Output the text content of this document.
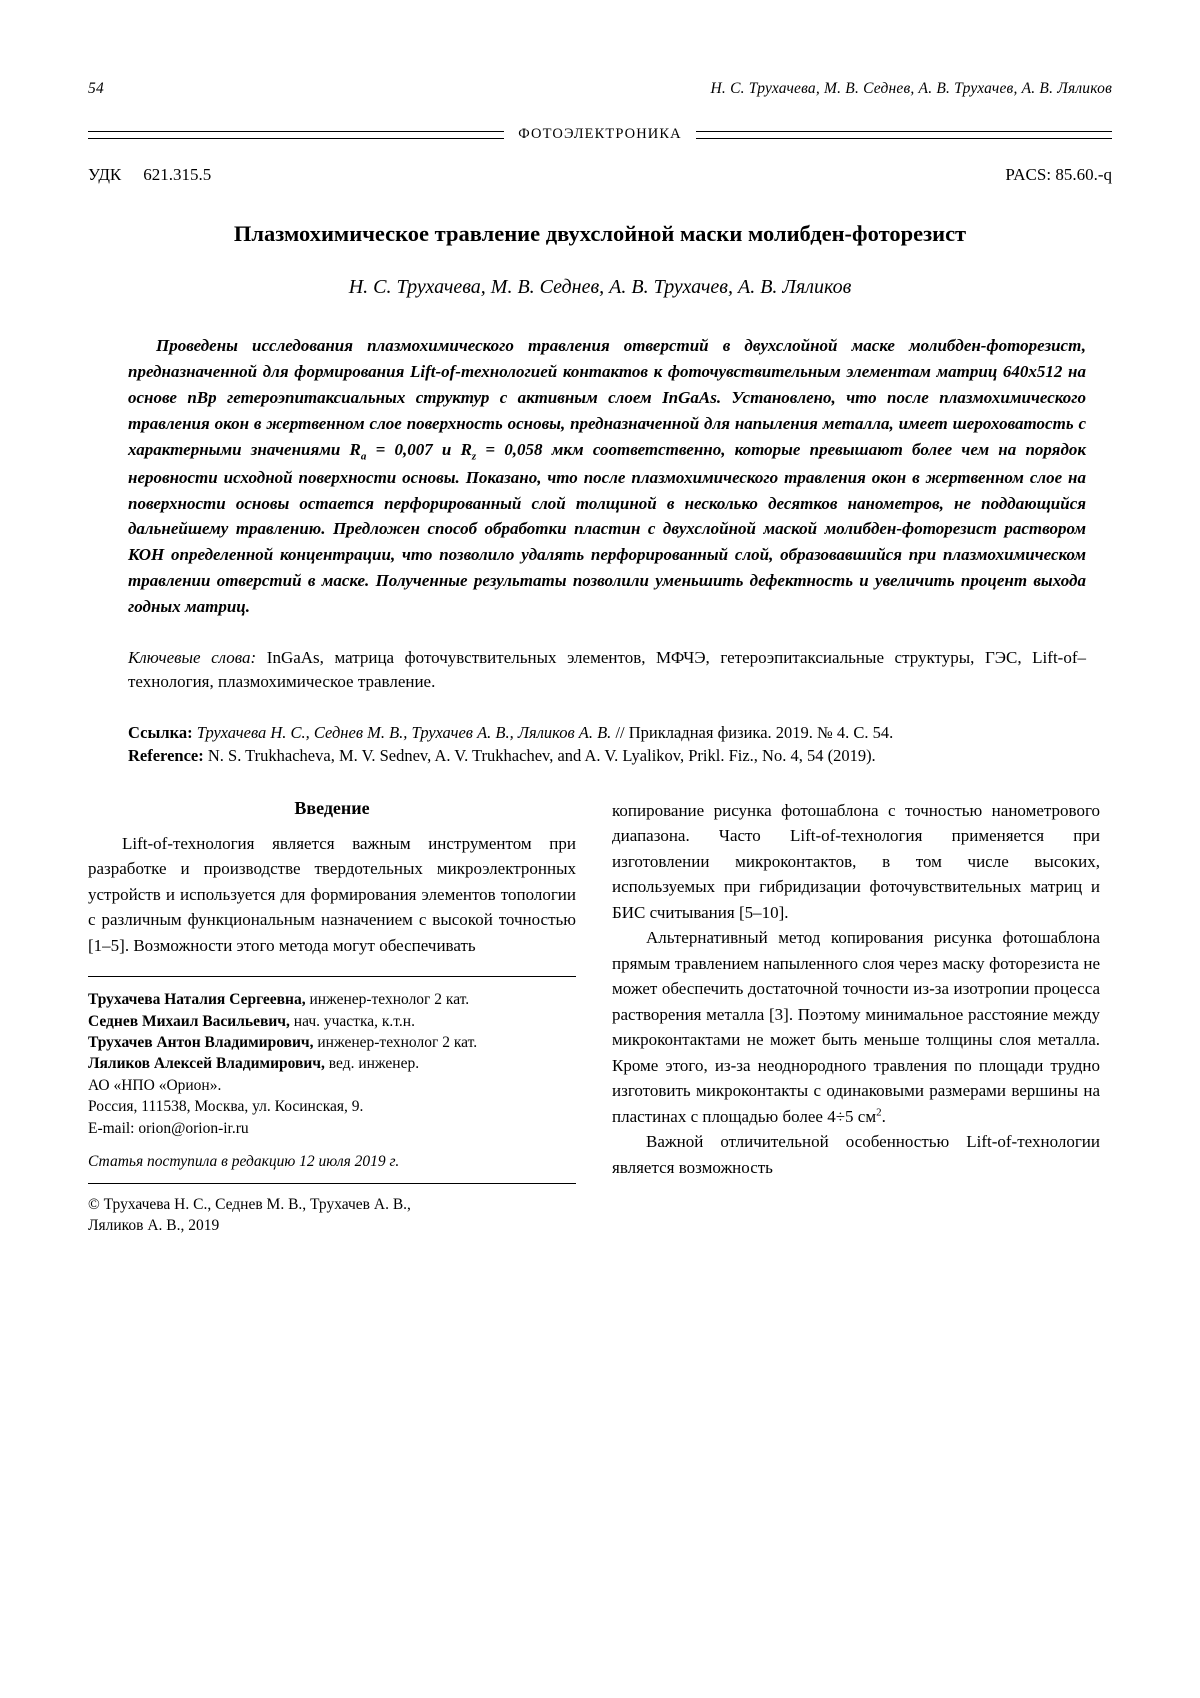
54	Н. С. Трухачева, М. В. Седнев, А. В. Трухачев, А. В. Ляликов
ФОТОЭЛЕКТРОНИКА
УДК 621.315.5	PACS: 85.60.-q
Плазмохимическое травление двухслойной маски молибден-фоторезист
Н. С. Трухачева, М. В. Седнев, А. В. Трухачев, А. В. Ляликов
Проведены исследования плазмохимического травления отверстий в двухслойной маске молибден-фоторезист, предназначенной для формирования Lift-of-технологией контактов к фоточувствительным элементам матриц 640х512 на основе nBp гетероэпитаксиальных структур с активным слоем InGaAs. Установлено, что после плазмохимического травления окон в жертвенном слое поверхность основы, предназначенной для напыления металла, имеет шероховатость с характерными значениями $R_a = 0,007$ и $R_z = 0,058$ мкм соответственно, которые превышают более чем на порядок неровности исходной поверхности основы. Показано, что после плазмохимического травления окон в жертвенном слое на поверхности основы остается перфорированный слой толщиной в несколько десятков нанометров, не поддающийся дальнейшему травлению. Предложен способ обработки пластин с двухслойной маской молибден-фоторезист раствором КОН определенной концентрации, что позволило удалять перфорированный слой, образовавшийся при плазмохимическом травлении отверстий в маске. Полученные результаты позволили уменьшить дефектность и увеличить процент выхода годных матриц.
Ключевые слова: InGaAs, матрица фоточувствительных элементов, МФЧЭ, гетероэпитаксиальные структуры, ГЭС, Lift-of–технология, плазмохимическое травление.

Ссылка: Трухачева Н. С., Седнев М. В., Трухачев А. В., Ляликов А. В. // Прикладная физика. 2019. № 4. С. 54.

Reference: N. S. Trukhacheva, M. V. Sednev, A. V. Trukhachev, and A. V. Lyalikov, Prikl. Fiz., No. 4, 54 (2019).

Введение

Lift-of-технология является важным инструментом при разработке и производстве твердотельных микроэлектронных устройств и используется для формирования элементов топологии с различным функциональным назначением с высокой точностью [1–5]. Возможности этого метода могут обеспечивать

Трухачева Наталия Сергеевна, инженер-технолог 2 кат.
Седнев Михаил Васильевич, нач. участка, к.т.н.
Трухачев Антон Владимирович, инженер-технолог 2 кат.
Ляликов Алексей Владимирович, вед. инженер.
АО «НПО «Орион».
Россия, 111538, Москва, ул. Косинская, 9.
E-mail: orion@orion-ir.ru
Статья поступила в редакцию 12 июля 2019 г.
© Трухачева Н. С., Седнев М. В., Трухачев А. В.,
Ляликов А. В., 2019

копирование рисунка фотошаблона с точностью нанометрового диапазона. Часто Lift-of-технология применяется при изготовлении микроконтактов, в том числе высоких, используемых при гибридизации фоточувствительных матриц и БИС считывания [5–10].

Альтернативный метод копирования рисунка фотошаблона прямым травлением напыленного слоя через маску фоторезиста не может обеспечить достаточной точности из-за изотропии процесса растворения металла [3]. Поэтому минимальное расстояние между микроконтактами не может быть меньше толщины слоя металла. Кроме этого, из-за неоднородного травления по площади трудно изготовить микроконтакты с одинаковыми размерами вершины на пластинах с площадью более 4÷5 $см^2$.

Важной отличительной особенностью Lift-of-технологии является возможность
